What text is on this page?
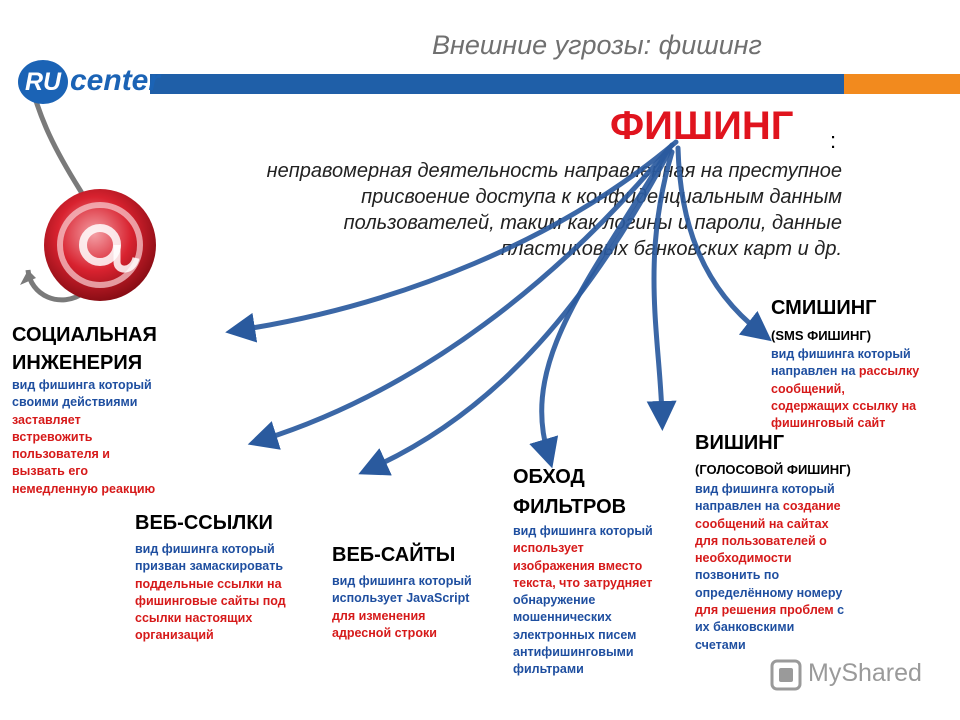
Внешние угрозы: фишинг
RU center
ФИШИНГ :
неправомерная деятельность направленная на преступное
присвоение доступа к конфиденциальным данным
пользователей, таким как логины и пароли, данные
пластиковых банковских карт и др.
СОЦИАЛЬНАЯ
ИНЖЕНЕРИЯ
вид фишинга который
своими действиями
заставляет
встревожить
пользователя и
вызвать его
немедленную реакцию
ВЕБ-ССЫЛКИ
вид фишинга который
призван замаскировать
поддельные ссылки на
фишинговые сайты под
ссылки настоящих
организаций
ВЕБ-САЙТЫ
вид фишинга который
использует JavaScript
для изменения
адресной строки
ОБХОД
ФИЛЬТРОВ
вид фишинга который
использует
изображения вместо
текста, что затрудняет
обнаружение
мошеннических
электронных писем
антифишинговыми
фильтрами
ВИШИНГ
(ГОЛОСОВОЙ ФИШИНГ)
вид фишинга который
направлен на создание
сообщений на сайтах
для пользователей о
необходимости
позвонить по
определённому номеру
для решения проблем с
их банковскими
счетами
СМИШИНГ
(SMS ФИШИНГ)
вид фишинга который
направлен на рассылку
сообщений,
содержащих ссылку на
фишинговый сайт
MyShared
